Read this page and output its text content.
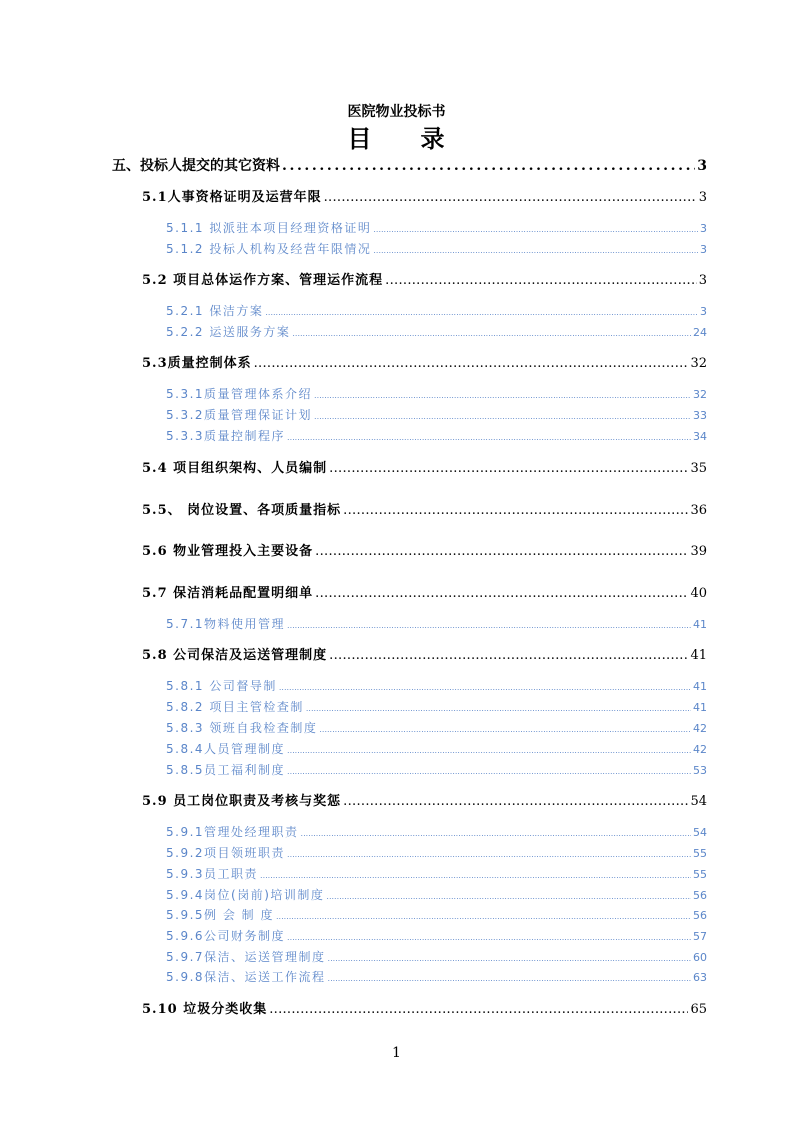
医院物业投标书
目 录
五、投标人提交的其它资料 .....	3
5.1人事资格证明及运营年限 .....	3
5.1.1 拟派驻本项目经理资格证明 .....	3
5.1.2 投标人机构及经营年限情况 .....	3
5.2 项目总体运作方案、管理运作流程 .....	3
5.2.1 保洁方案 .....	3
5.2.2 运送服务方案 .....	24
5.3质量控制体系 .....	32
5.3.1质量管理体系介绍 .....	32
5.3.2质量管理保证计划 .....	33
5.3.3质量控制程序 .....	34
5.4 项目组织架构、人员编制 .....	35
5.5、 岗位设置、各项质量指标 .....	36
5.6 物业管理投入主要设备 .....	39
5.7 保洁消耗品配置明细单 .....	40
5.7.1物料使用管理 .....	41
5.8 公司保洁及运送管理制度 .....	41
5.8.1 公司督导制 .....	41
5.8.2 项目主管检查制 .....	41
5.8.3 领班自我检查制度 .....	42
5.8.4人员管理制度 .....	42
5.8.5员工福利制度 .....	53
5.9 员工岗位职责及考核与奖惩 .....	54
5.9.1管理处经理职责 .....	54
5.9.2项目领班职责 .....	55
5.9.3员工职责 .....	55
5.9.4岗位(岗前)培训制度 .....	56
5.9.5例 会 制 度 .....	56
5.9.6公司财务制度 .....	57
5.9.7保洁、运送管理制度 .....	60
5.9.8保洁、运送工作流程 .....	63
5.10 垃圾分类收集 .....	65
1
